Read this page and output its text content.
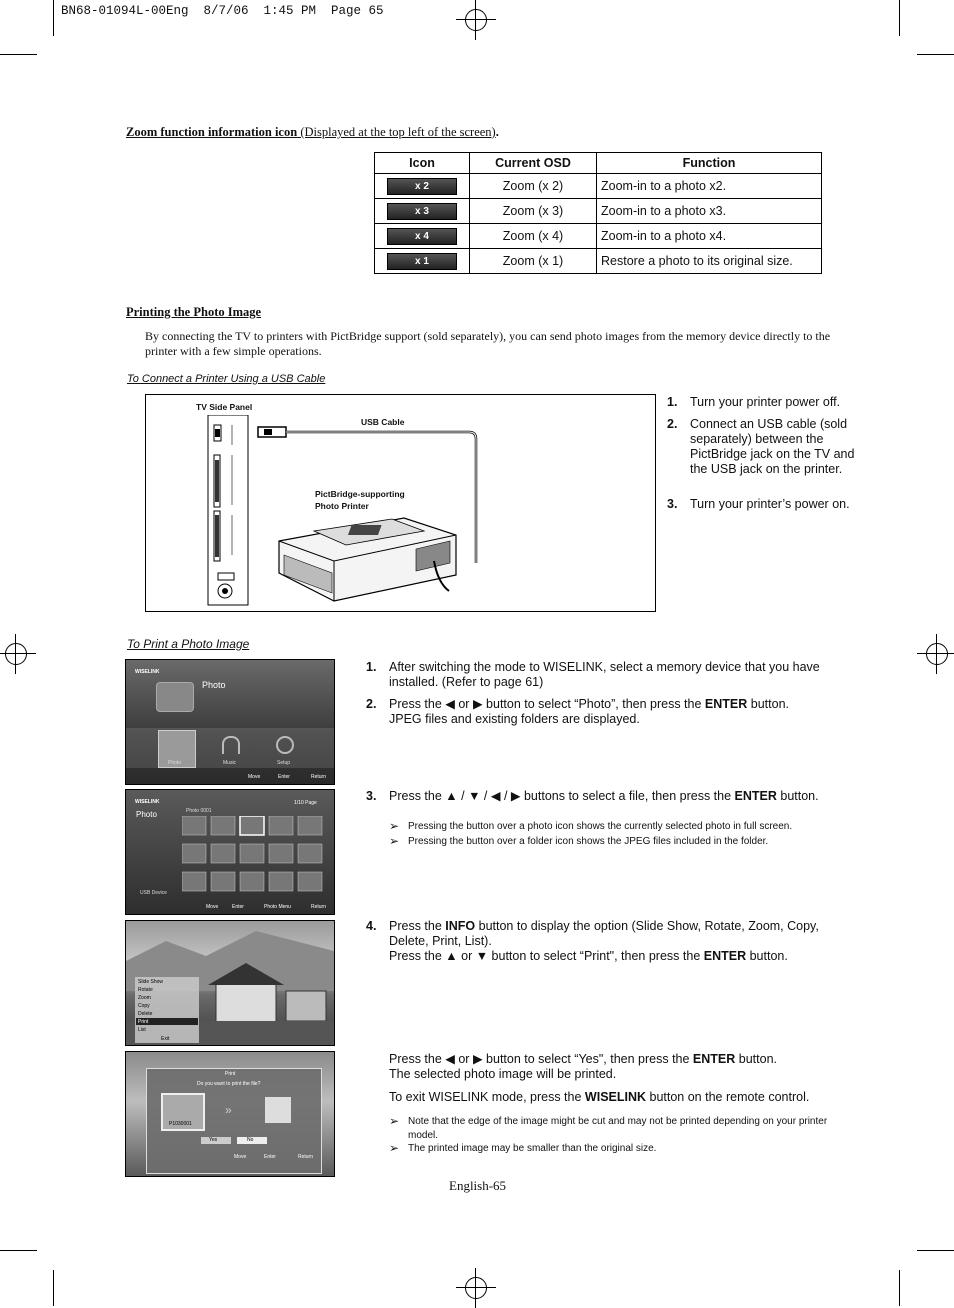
BN68-01094L-00Eng  8/7/06  1:45 PM  Page 65
Zoom function information icon (Displayed at the top left of the screen).
Icon	Current OSD	Function
x 2	Zoom (x 2)	Zoom-in to a photo x2.
x 3	Zoom (x 3)	Zoom-in to a photo x3.
x 4	Zoom (x 4)	Zoom-in to a photo x4.
x 1	Zoom (x 1)	Restore a photo to its original size.
Printing the Photo Image
By connecting the TV to printers with PictBridge support (sold separately), you can send photo images from the memory device directly to the printer with a few simple operations.
To Connect a Printer Using a USB Cable
TV Side Panel
USB Cable
PictBridge-supporting
Photo Printer
1. Turn your printer power off.
2. Connect an USB cable (sold separately) between the PictBridge jack on the TV and the USB jack on the printer.
3. Turn your printer’s power on.
To Print a Photo Image
WISELINK
Photo
Photo	Music	Setup
Move	Enter	Return
1. After switching the mode to WISELINK, select a memory device that you have installed. (Refer to page 61)
2. Press the ◀ or ▶ button to select “Photo”, then press the ENTER button.
JPEG files and existing folders are displayed.
WISELINK
Photo	Photo 0001
1/10 Page
USB Device
Move	Enter	Photo Menu	Return
3. Press the ▲ / ▼ / ◀ / ▶ buttons to select a file, then press the ENTER button.
➢ Pressing the button over a photo icon shows the currently selected photo in full screen.
➢ Pressing the button over a folder icon shows the JPEG files included in the folder.
Slide Show
Rotate
Zoom
Copy
Delete
Print
List
Exit
4. Press the INFO button to display the option (Slide Show, Rotate, Zoom, Copy, Delete, Print, List).
Press the ▲ or ▼ button to select “Print", then press the ENTER button.
Print
Do you want to print the file?
P1030001
»
Yes	No
Move	Enter	Return
Press the ◀ or ▶ button to select “Yes", then press the ENTER button.
The selected photo image will be printed.
To exit WISELINK mode, press the WISELINK button on the remote control.
➢ Note that the edge of the image might be cut and may not be printed depending on your printer model.
➢ The printed image may be smaller than the original size.
English-65
